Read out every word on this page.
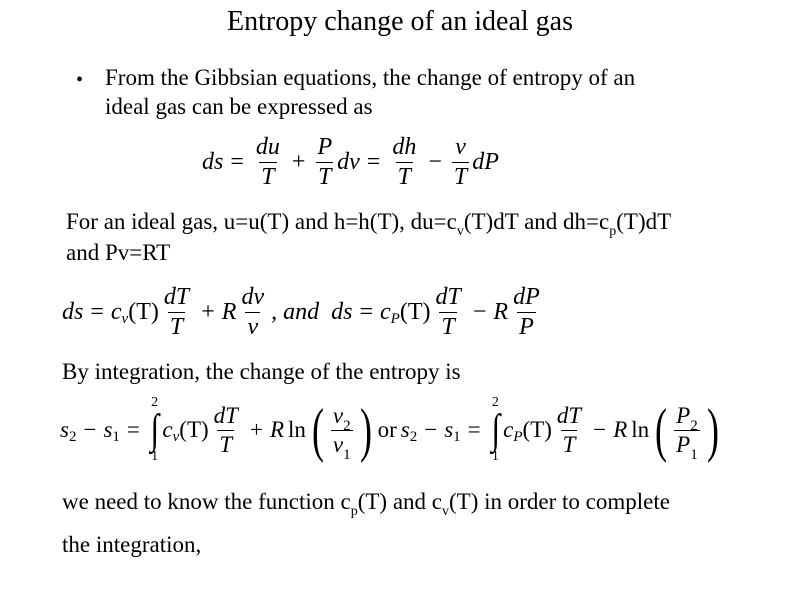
Entropy change of an ideal gas
• From the Gibbsian equations, the change of entropy of an
ideal gas can be expressed as
ds = $\frac{du}{T} + \frac{P}{T}$ dv = $\frac{dh}{T} - \frac{v}{T}$ dP
For an ideal gas, u=u(T) and h=h(T), $du=c_v(T)dT$ and $dh=c_p(T)dT$
and Pv=RT
ds = c v $(T) \frac{dT}{T} + R \frac{dv}{v}$ , and ds = c P $(T) \frac{dT}{T} - R \frac{dP}{P}$
By integration, the change of the entropy is
s 2 − s 1 =
2
∫
1
c v $(T) \frac{dT}{T} + R$ ln ( $\frac{v_2}{v_1}$ ) or s 2 − s 1 =
2
∫
1
c P $(T) \frac{dT}{T} - R$ ln ( $\frac{P_2}{P_1}$ )
we need to know the function $c_p(T)$ and $c_v(T)$ in order to complete
the integration,
